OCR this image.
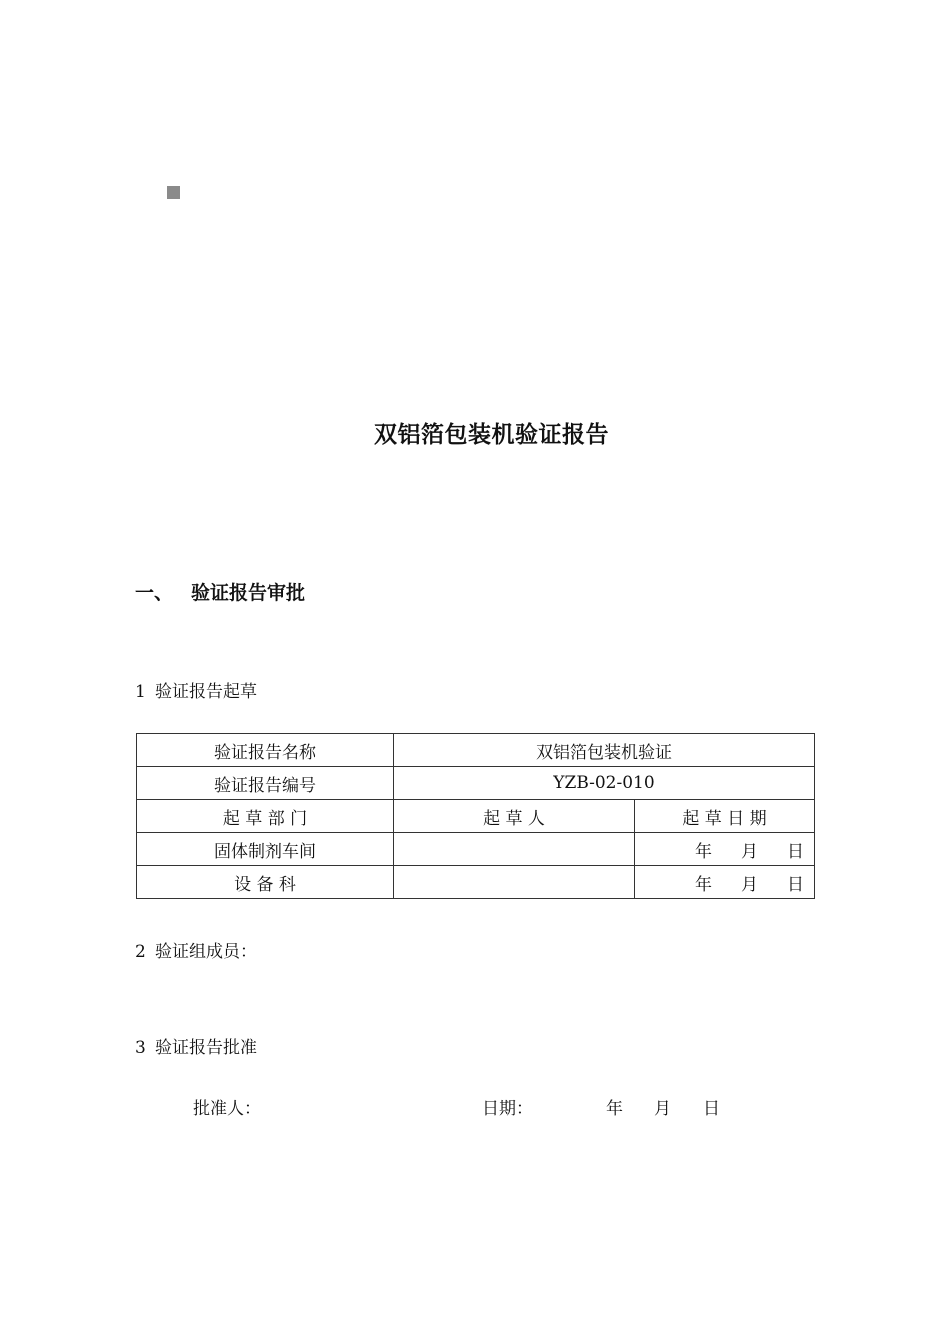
双铝箔包装机验证报告
一、 验证报告审批
1 验证报告起草
验证报告名称	双铝箔包装机验证	
验证报告编号	YZB-02-010	
起 草 部 门	起 草 人	起 草 日 期
固体制剂车间		年 月 日

设 备 科		年 月 日
2 验证组成员：
3 验证报告批准
批准人：	日期：	年 月 日
